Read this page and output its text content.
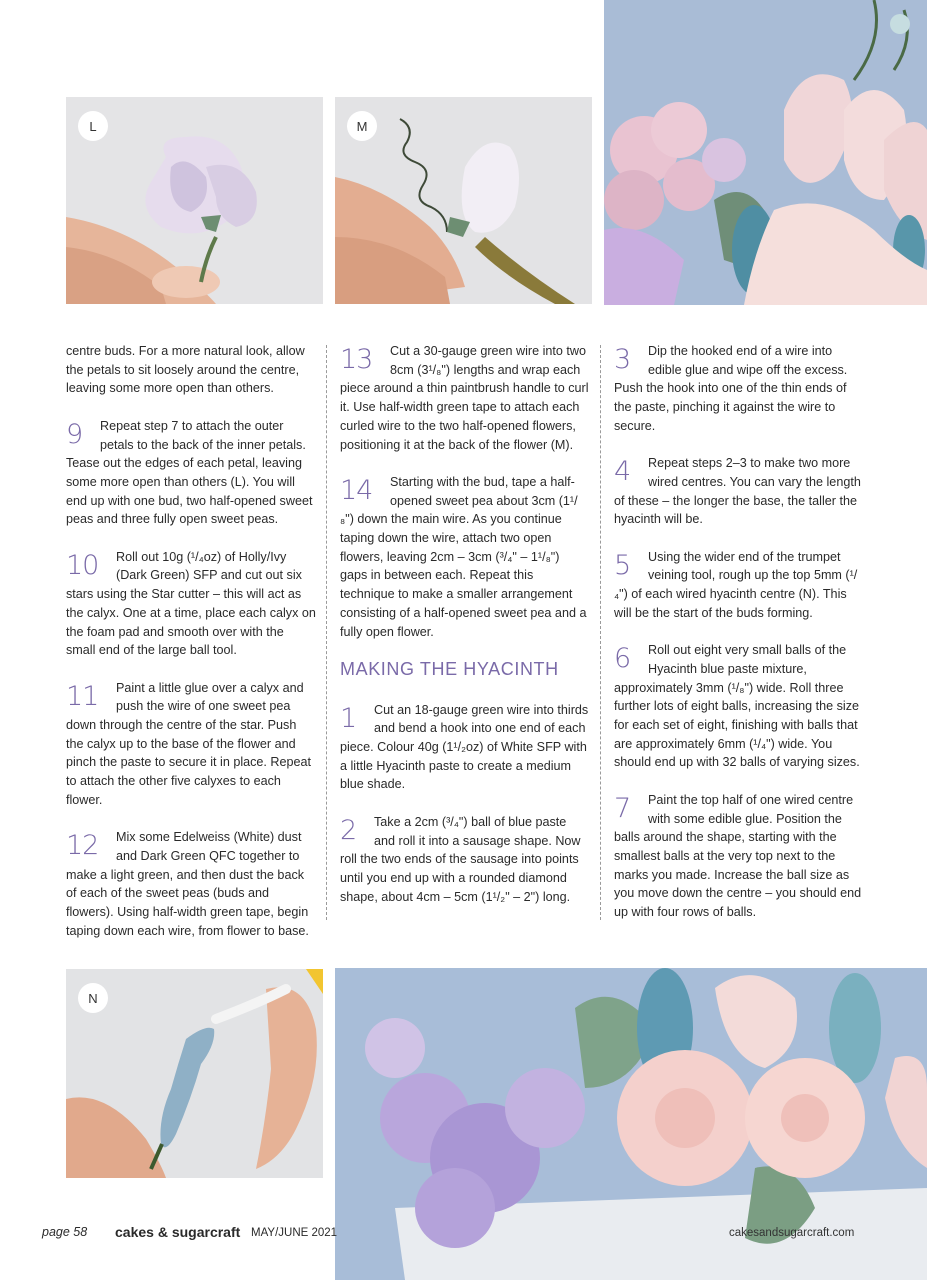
L	M

centre buds. For a more natural look, allow the petals to sit loosely around the centre, leaving some more open than others.

9	Repeat step 7 to attach the outer petals to the back of the inner petals. Tease out the edges of each petal, leaving some more open than others (L). You will end up with one bud, two half-opened sweet peas and three fully open sweet peas.
10	Roll out 10g (¹/₄oz) of Holly/Ivy (Dark Green) SFP and cut out six stars using the Star cutter – this will act as the calyx. One at a time, place each calyx on the foam pad and smooth over with the small end of the large ball tool.
11	Paint a little glue over a calyx and push the wire of one sweet pea down through the centre of the star. Push the calyx up to the base of the flower and pinch the paste to secure it in place. Repeat to attach the other five calyxes to each flower.
12	Mix some Edelweiss (White) dust and Dark Green QFC together to make a light green, and then dust the back of each of the sweet peas (buds and flowers). Using half-width green tape, begin taping down each wire, from flower to base.
13	Cut a 30-gauge green wire into two 8cm (3¹/₈") lengths and wrap each piece around a thin paintbrush handle to curl it. Use half-width green tape to attach each curled wire to the two half-opened flowers, positioning it at the back of the flower (M).
14	Starting with the bud, tape a half-opened sweet pea about 3cm (1¹/₈") down the main wire. As you continue taping down the wire, attach two open flowers, leaving 2cm – 3cm (³/₄" – 1¹/₈") gaps in between each. Repeat this technique to make a smaller arrangement consisting of a half-opened sweet pea and a fully open flower.
MAKING THE HYACINTH
1	Cut an 18-gauge green wire into thirds and bend a hook into one end of each piece. Colour 40g (1¹/₂oz) of White SFP with a little Hyacinth paste to create a medium blue shade.
2	Take a 2cm (³/₄") ball of blue paste and roll it into a sausage shape. Now roll the two ends of the sausage into points until you end up with a rounded diamond shape, about 4cm – 5cm (1¹/₂" – 2") long.
3	Dip the hooked end of a wire into edible glue and wipe off the excess. Push the hook into one of the thin ends of the paste, pinching it against the wire to secure.
4	Repeat steps 2–3 to make two more wired centres. You can vary the length of these – the longer the base, the taller the hyacinth will be.
5	Using the wider end of the trumpet veining tool, rough up the top 5mm (¹/₄") of each wired hyacinth centre (N). This will be the start of the buds forming.
6	Roll out eight very small balls of the Hyacinth blue paste mixture, approximately 3mm (¹/₈") wide. Roll three further lots of eight balls, increasing the size for each set of eight, finishing with balls that are approximately 6mm (¹/₄") wide. You should end up with 32 balls of varying sizes.
7	Paint the top half of one wired centre with some edible glue. Position the balls around the shape, starting with the smallest balls at the very top next to the marks you made. Increase the ball size as you move down the centre – you should end up with four rows of balls.
N
page 58 cakes & sugarcraft MAY/JUNE 2021	cakesandsugarcraft.com
